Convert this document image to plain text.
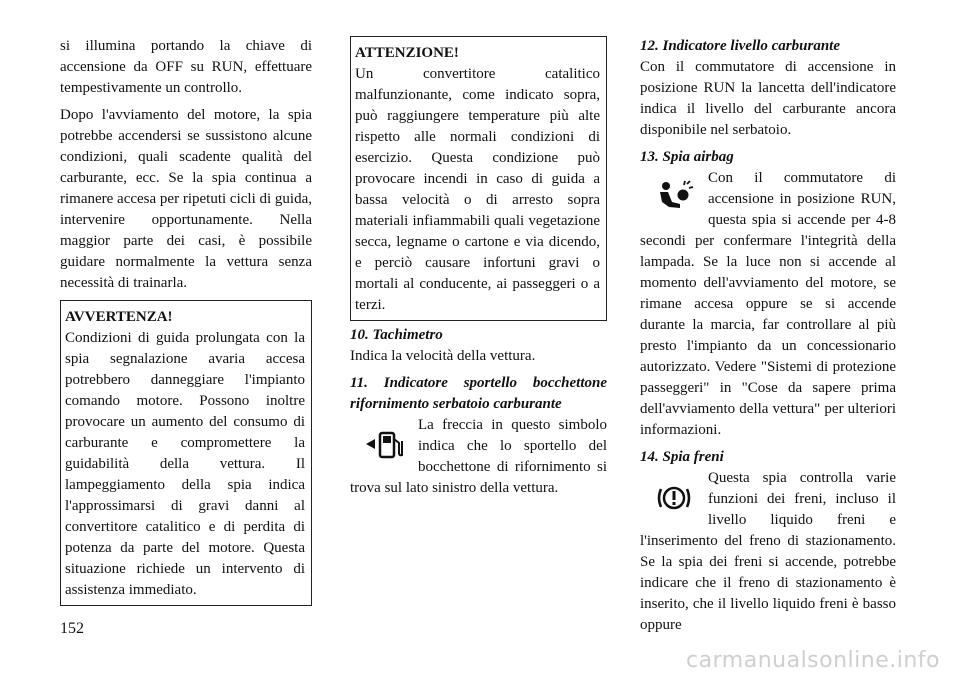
si illumina portando la chiave di accensione da OFF su RUN, effettuare tempestivamente un controllo.

Dopo l'avviamento del motore, la spia potrebbe accendersi se sussistono alcune condizioni, quali scadente qualità del carburante, ecc. Se la spia continua a rimanere accesa per ripetuti cicli di guida, intervenire opportunamente. Nella maggior parte dei casi, è possibile guidare normalmente la vettura senza necessità di trainarla.

AVVERTENZA!

Condizioni di guida prolungata con la spia segnalazione avaria accesa potrebbero danneggiare l'impianto comando motore. Possono inoltre provocare un aumento del consumo di carburante e compromettere la guidabilità della vettura. Il lampeggiamento della spia indica l'approssimarsi di gravi danni al convertitore catalitico e di perdita di potenza da parte del motore. Questa situazione richiede un intervento di assistenza immediato.

ATTENZIONE!

Un convertitore catalitico malfunzionante, come indicato sopra, può raggiungere temperature più alte rispetto alle normali condizioni di esercizio. Questa condizione può provocare incendi in caso di guida a bassa velocità o di arresto sopra materiali infiammabili quali vegetazione secca, legname o cartone e via dicendo, e perciò causare infortuni gravi o mortali al conducente, ai passeggeri o a terzi.

10. Tachimetro

Indica la velocità della vettura.

11. Indicatore sportello bocchettone rifornimento serbatoio carburante

La freccia in questo simbolo indica che lo sportello del bocchettone di rifornimento si trova sul lato sinistro della vettura.

12. Indicatore livello carburante

Con il commutatore di accensione in posizione RUN la lancetta dell'indicatore indica il livello del carburante ancora disponibile nel serbatoio.

13. Spia airbag

Con il commutatore di accensione in posizione RUN, questa spia si accende per 4-8 secondi per confermare l'integrità della lampada. Se la luce non si accende al momento dell'avviamento del motore, se rimane accesa oppure se si accende durante la marcia, far controllare al più presto l'impianto da un concessionario autorizzato. Vedere "Sistemi di protezione passeggeri" in "Cose da sapere prima dell'avviamento della vettura" per ulteriori informazioni.

14. Spia freni

Questa spia controlla varie funzioni dei freni, incluso il livello liquido freni e l'inserimento del freno di stazionamento. Se la spia dei freni si accende, potrebbe indicare che il freno di stazionamento è inserito, che il livello liquido freni è basso oppure

152
carmanualsonline.info
